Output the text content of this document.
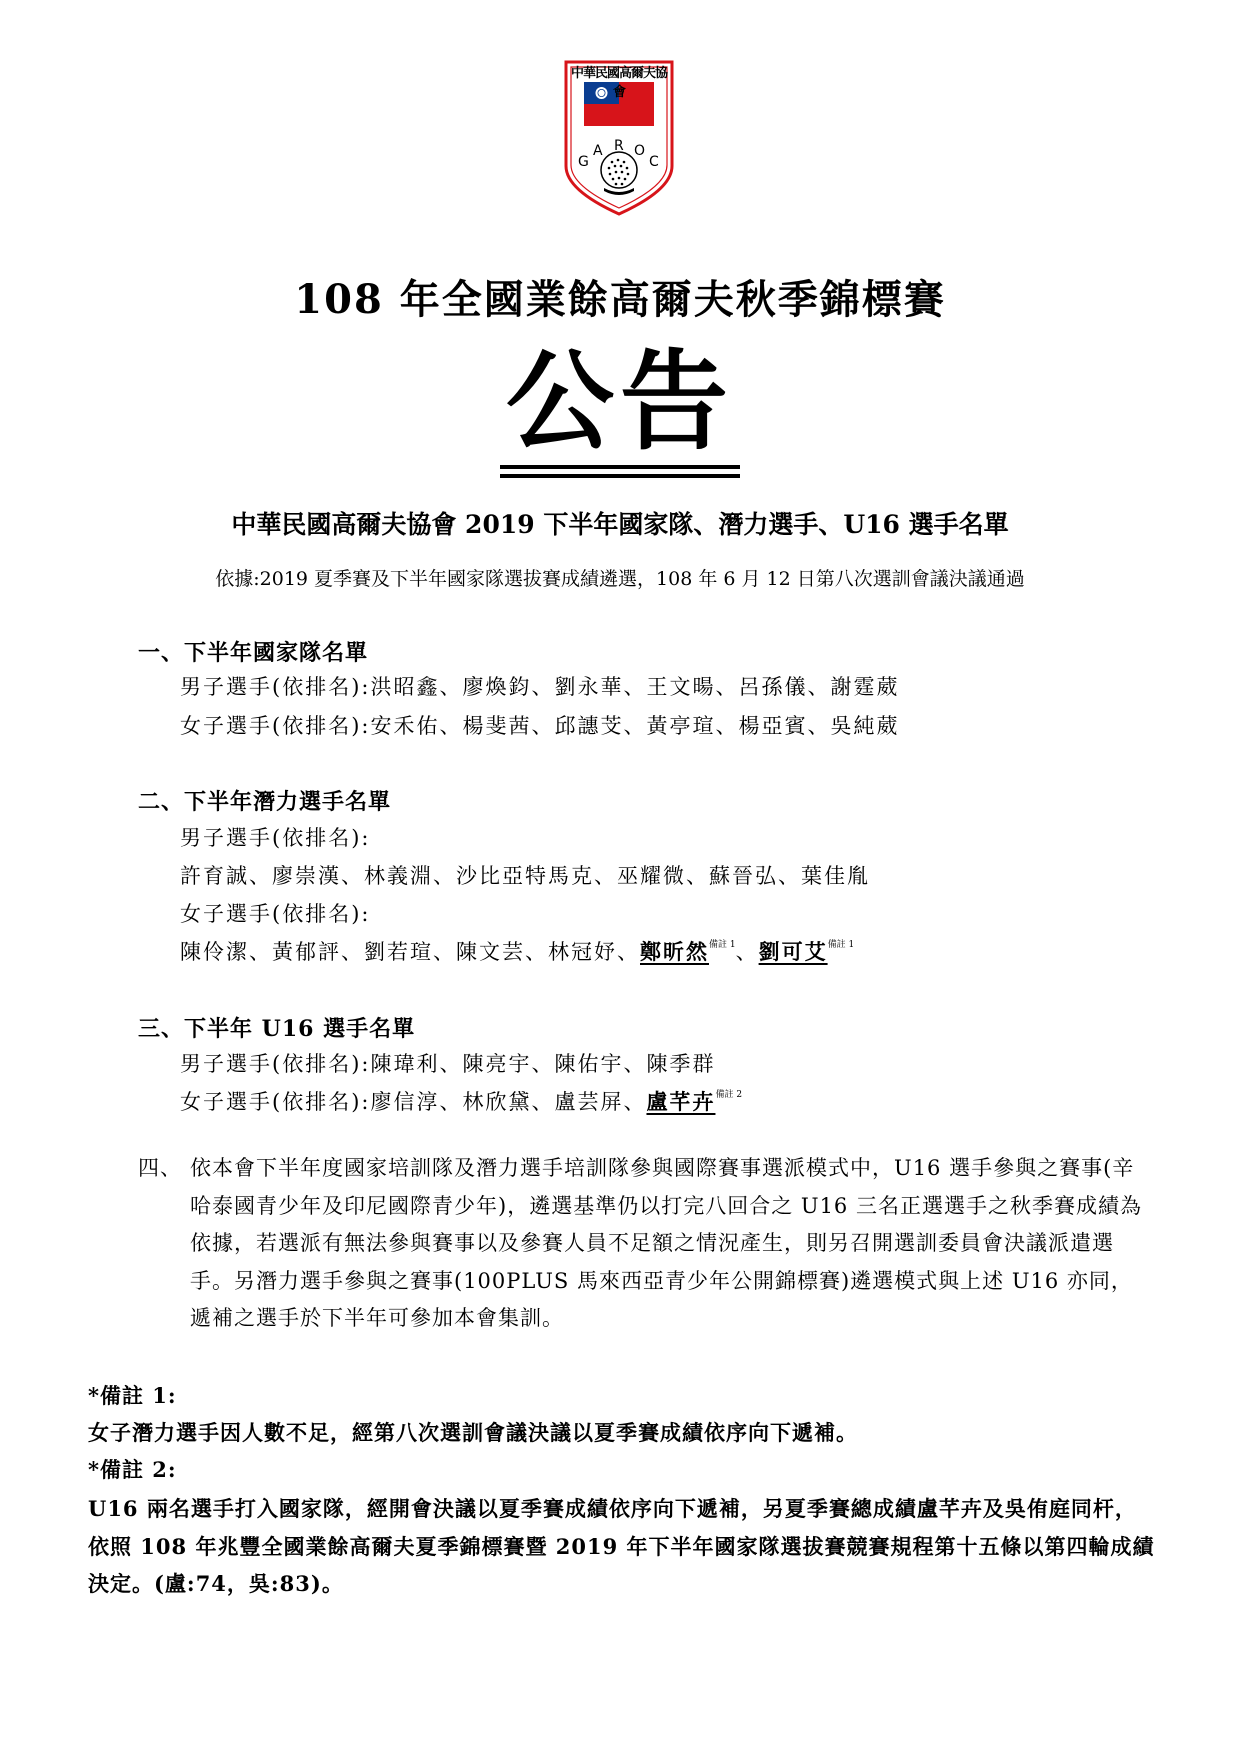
中華民國高爾夫協會
G
A R O
C
108 年全國業餘高爾夫秋季錦標賽
公告
中華民國高爾夫協會 2019 下半年國家隊、潛力選手、U16 選手名單
依據:2019 夏季賽及下半年國家隊選拔賽成績遴選，108 年 6 月 12 日第八次選訓會議決議通過
一、下半年國家隊名單
男子選手(依排名):洪昭鑫、廖煥鈞、劉永華、王文暘、呂孫儀、謝霆葳
女子選手(依排名):安禾佑、楊斐茜、邱譓芠、黃亭瑄、楊亞賓、吳純葳
二、下半年潛力選手名單
男子選手(依排名):
許育誠、廖崇漢、林義淵、沙比亞特馬克、巫耀微、蘇晉弘、葉佳胤
女子選手(依排名):
陳伶潔、黃郁評、劉若瑄、陳文芸、林冠妤、鄭昕然$^{備註 1}$、劉可艾$^{備註 1}$
三、下半年 U16 選手名單
男子選手(依排名):陳瑋利、陳亮宇、陳佑宇、陳季群
女子選手(依排名):廖信淳、林欣黛、盧芸屏、盧芊卉$^{備註 2}$
四、 依本會下半年度國家培訓隊及潛力選手培訓隊參與國際賽事選派模式中，U16 選手參與之賽事(辛哈泰國青少年及印尼國際青少年)，遴選基準仍以打完八回合之 U16 三名正選選手之秋季賽成績為依據，若選派有無法參與賽事以及參賽人員不足額之情況產生，則另召開選訓委員會決議派遣選手。另潛力選手參與之賽事(100PLUS 馬來西亞青少年公開錦標賽)遴選模式與上述 U16 亦同，遞補之選手於下半年可參加本會集訓。
*備註 1:
女子潛力選手因人數不足，經第八次選訓會議決議以夏季賽成績依序向下遞補。
*備註 2:
U16 兩名選手打入國家隊，經開會決議以夏季賽成績依序向下遞補，另夏季賽總成績盧芊卉及吳侑庭同杆，依照 108 年兆豐全國業餘高爾夫夏季錦標賽暨 2019 年下半年國家隊選拔賽競賽規程第十五條以第四輪成績決定。(盧:74，吳:83)。
